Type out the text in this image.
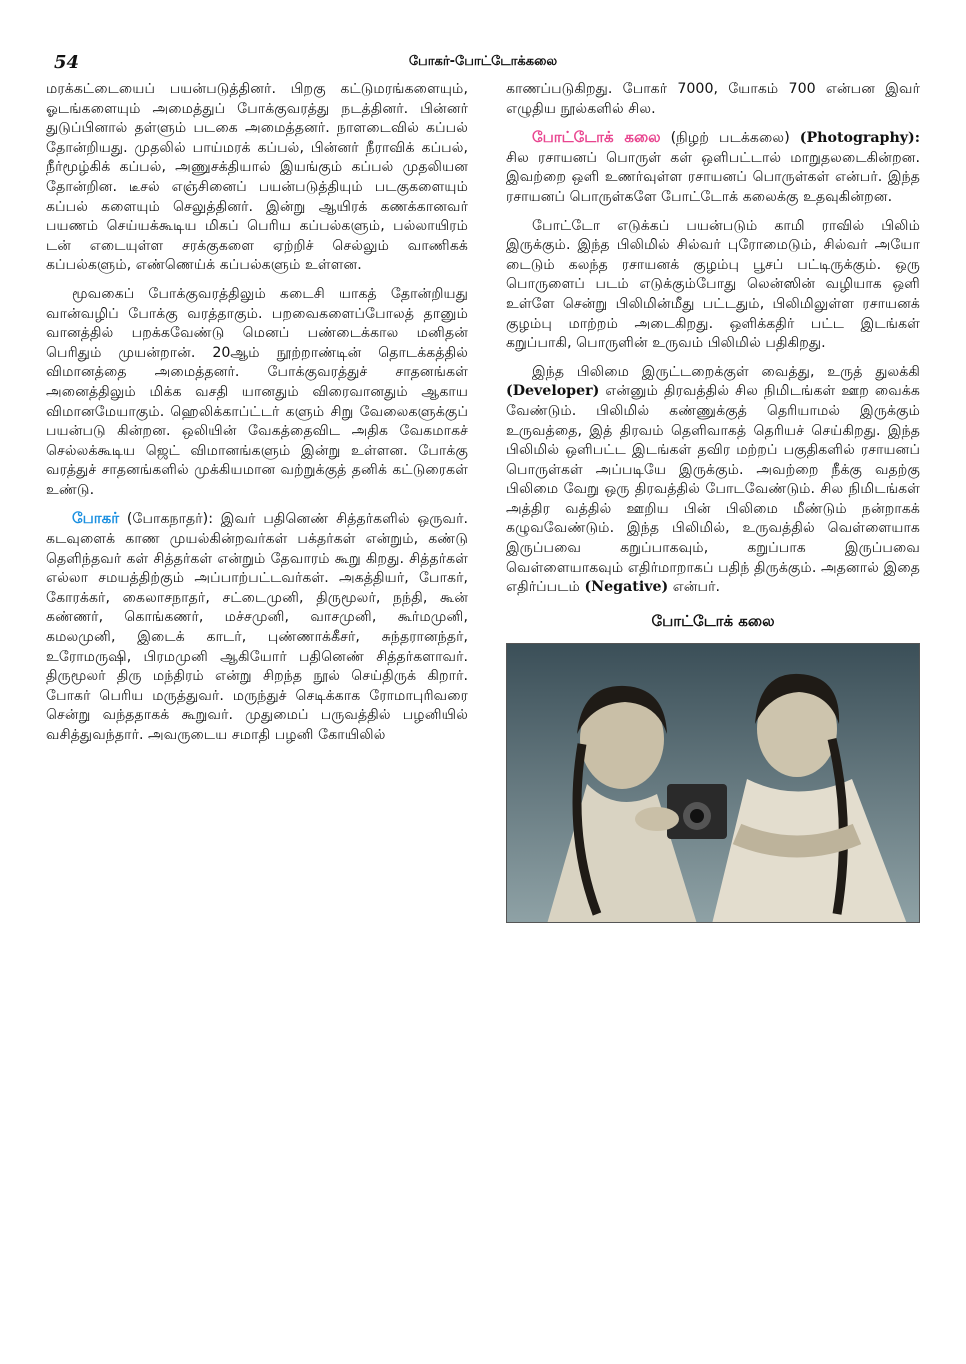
54	போகர்-போட்டோக்கலை

மரக்கட்டையைப் பயன்படுத்தினர். பிறகு கட்டுமரங்களையும், ஓடங்களையும் அமைத்துப் போக்குவரத்து நடத்தினர். பின்னர் துடுப்பினால் தள்ளும் படகை அமைத்தனர். நாளடைவில் கப்பல் தோன்றியது. முதலில் பாய்மரக் கப்பல், பின்னர் நீராவிக் கப்பல், நீர்மூழ்கிக் கப்பல், அணுசக்தியால் இயங்கும் கப்பல் முதலியன தோன்றின. டீசல் எஞ்சினைப் பயன்படுத்தியும் படகுகளையும் கப்பல் களையும் செலுத்தினர். இன்று ஆயிரக் கணக்கானவர் பயணம் செய்யக்கூடிய மிகப் பெரிய கப்பல்களும், பல்லாயிரம் டன் எடையுள்ள சரக்குகளை ஏற்றிச் செல்லும் வாணிகக் கப்பல்களும், எண்ணெய்க் கப்பல்களும் உள்ளன.

மூவகைப் போக்குவரத்திலும் கடைசி யாகத் தோன்றியது வான்வழிப் போக்கு வரத்தாகும். பறவைகளைப்போலத் தானும் வானத்தில் பறக்கவேண்டு மெனப் பண்டைக்கால மனிதன் பெரிதும் முயன்றான். 20ஆம் நூற்றாண்டின் தொடக்கத்தில் விமானத்தை அமைத்தனர். போக்குவரத்துச் சாதனங்கள் அனைத்திலும் மிக்க வசதி யானதும் விரைவானதும் ஆகாய விமானமேயாகும். ஹெலிக்காப்ட்டர் களும் சிறு வேலைகளுக்குப் பயன்படு கின்றன. ஒலியின் வேகத்தைவிட அதிக வேகமாகச் செல்லக்கூடிய ஜெட் விமானங்களும் இன்று உள்ளன. போக்கு வரத்துச் சாதனங்களில் முக்கியமான வற்றுக்குத் தனிக் கட்டுரைகள் உண்டு.

போகர் (போகநாதர்): இவர் பதினெண் சித்தர்களில் ஒருவர். கடவுளைக் காண முயல்கின்றவர்கள் பக்தர்கள் என்றும், கண்டு தெளிந்தவர் கள் சித்தர்கள் என்றும் தேவாரம் கூறு கிறது. சித்தர்கள் எல்லா சமயத்திற்கும் அப்பாற்பட்டவர்கள். அகத்தியர், போகர், கோரக்கர், கைலாசநாதர், சட்டைமுனி, திருமூலர், நந்தி, கூன் கண்ணர், கொங்கணர், மச்சமுனி, வாசமுனி, கூர்மமுனி, கமலமுனி, இடைக் காடர், புண்ணாக்கீசர், சுந்தரானந்தர், உரோமருஷி, பிரமமுனி ஆகியோர் பதினெண் சித்தர்களாவர். திருமூலர் திரு மந்திரம் என்று சிறந்த நூல் செய்திருக் கிறார். போகர் பெரிய மருத்துவர். மருந்துச் செடிக்காக ரோமாபுரிவரை சென்று வந்ததாகக் கூறுவர். முதுமைப் பருவத்தில் பழனியில் வசித்துவந்தார். அவருடைய சமாதி பழனி கோயிலில்

காணப்படுகிறது. போகர் 7000, யோகம் 700 என்பன இவர் எழுதிய நூல்களில் சில.

போட்டோக் கலை (நிழற் படக்கலை) (Photography): சில ரசாயனப் பொருள் கள் ஒளிபட்டால் மாறுதலடைகின்றன. இவற்றை ஒளி உணர்வுள்ள ரசாயனப் பொருள்கள் என்பர். இந்த ரசாயனப் பொருள்களே போட்டோக் கலைக்கு உதவுகின்றன.

போட்டோ எடுக்கப் பயன்படும் காமி ராவில் பிலிம் இருக்கும். இந்த பிலிமில் சில்வர் புரோமைடும், சில்வர் அயோ டைடும் கலந்த ரசாயனக் குழம்பு பூசப் பட்டிருக்கும். ஒரு பொருளைப் படம் எடுக்கும்போது லென்ஸின் வழியாக ஒளி உள்ளே சென்று பிலிமின்மீது பட்டதும், பிலிமிலுள்ள ரசாயனக் குழம்பு மாற்றம் அடைகிறது. ஒளிக்கதிர் பட்ட இடங்கள் கறுப்பாகி, பொருளின் உருவம் பிலிமில் பதிகிறது.

இந்த பிலிமை இருட்டறைக்குள் வைத்து, உருத் துலக்கி (Developer) என்னும் திரவத்தில் சில நிமிடங்கள் ஊற வைக்க வேண்டும். பிலிமில் கண்ணுக்குத் தெரியாமல் இருக்கும் உருவத்தை, இத் திரவம் தெளிவாகத் தெரியச் செய்கிறது. இந்த பிலிமில் ஒளிபட்ட இடங்கள் தவிர மற்றப் பகுதிகளில் ரசாயனப் பொருள்கள் அப்படியே இருக்கும். அவற்றை நீக்கு வதற்கு பிலிமை வேறு ஒரு திரவத்தில் போடவேண்டும். சில நிமிடங்கள் அத்திர வத்தில் ஊறிய பின் பிலிமை மீண்டும் நன்றாகக் கழுவவேண்டும். இந்த பிலிமில், உருவத்தில் வெள்ளையாக இருப்பவை கறுப்பாகவும், கறுப்பாக இருப்பவை வெள்ளையாகவும் எதிர்மாறாகப் பதிந் திருக்கும். அதனால் இதை எதிர்ப்படம் (Negative) என்பர்.

போட்டோக் கலை
